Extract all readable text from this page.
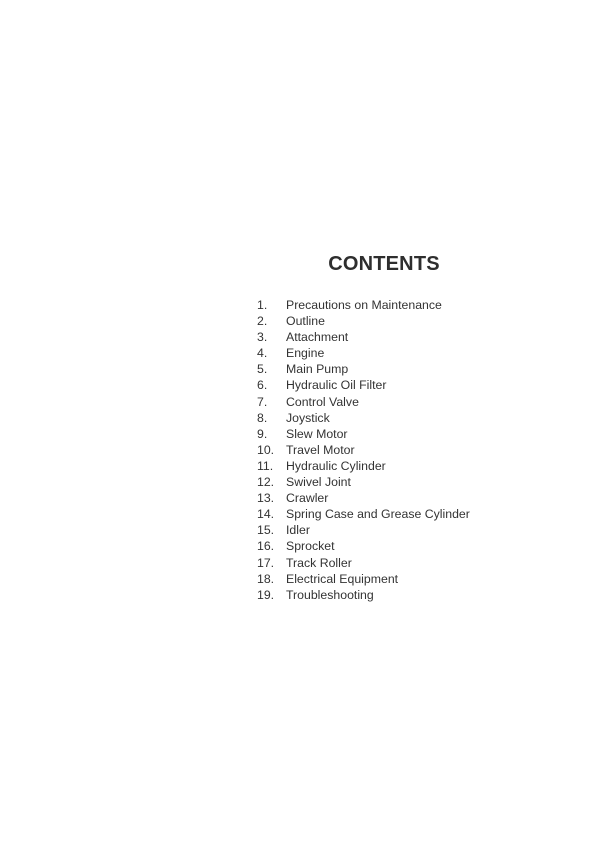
CONTENTS
1.	Precautions on Maintenance
2.	Outline
3.	Attachment
4.	Engine
5.	Main Pump
6.	Hydraulic Oil Filter
7.	Control Valve
8.	Joystick
9.	Slew Motor
10. Travel Motor
11.	Hydraulic Cylinder
12. Swivel Joint
13. Crawler
14. Spring Case and Grease Cylinder
15. Idler
16. Sprocket
17. Track Roller
18. Electrical Equipment
19. Troubleshooting
